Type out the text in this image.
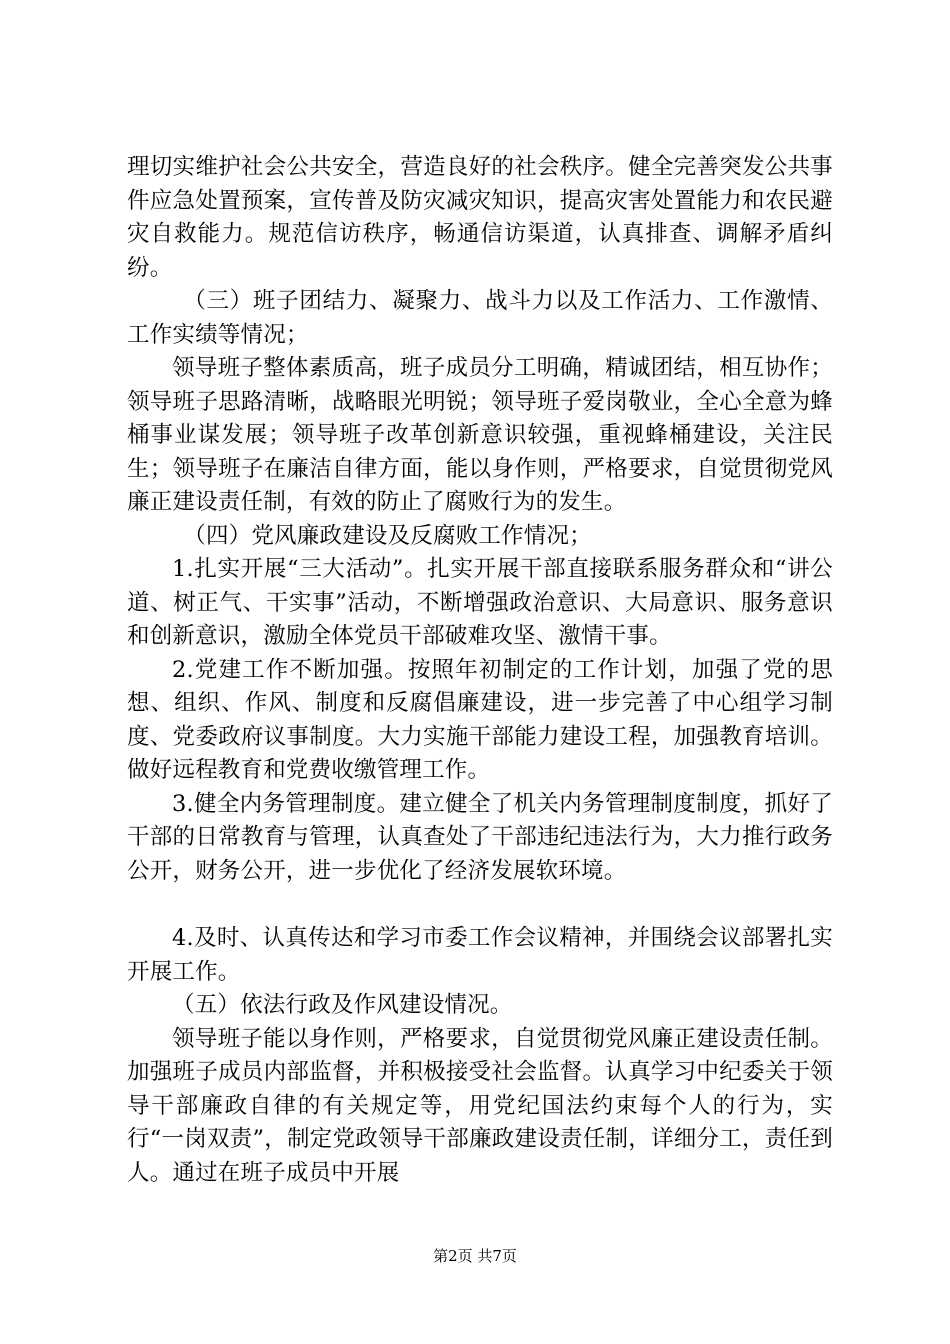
理切实维护社会公共安全，营造良好的社会秩序。健全完善突发公共事件应急处置预案，宣传普及防灾减灾知识，提高灾害处置能力和农民避灾自救能力。规范信访秩序，畅通信访渠道，认真排查、调解矛盾纠纷。

（三）班子团结力、凝聚力、战斗力以及工作活力、工作激情、工作实绩等情况；

领导班子整体素质高，班子成员分工明确，精诚团结，相互协作；领导班子思路清晰，战略眼光明锐；领导班子爱岗敬业，全心全意为蜂桶事业谋发展；领导班子改革创新意识较强，重视蜂桶建设，关注民生；领导班子在廉洁自律方面，能以身作则，严格要求，自觉贯彻党风廉正建设责任制，有效的防止了腐败行为的发生。

（四）党风廉政建设及反腐败工作情况；

1.扎实开展“三大活动”。扎实开展干部直接联系服务群众和“讲公道、树正气、干实事”活动，不断增强政治意识、大局意识、服务意识和创新意识，激励全体党员干部破难攻坚、激情干事。

2.党建工作不断加强。按照年初制定的工作计划，加强了党的思想、组织、作风、制度和反腐倡廉建设，进一步完善了中心组学习制度、党委政府议事制度。大力实施干部能力建设工程，加强教育培训。做好远程教育和党费收缴管理工作。

3.健全内务管理制度。建立健全了机关内务管理制度制度，抓好了干部的日常教育与管理，认真查处了干部违纪违法行为，大力推行政务公开，财务公开，进一步优化了经济发展软环境。

4.及时、认真传达和学习市委工作会议精神，并围绕会议部署扎实开展工作。

（五）依法行政及作风建设情况。

领导班子能以身作则，严格要求，自觉贯彻党风廉正建设责任制。加强班子成员内部监督，并积极接受社会监督。认真学习中纪委关于领导干部廉政自律的有关规定等，用党纪国法约束每个人的行为，实行“一岗双责”，制定党政领导干部廉政建设责任制，详细分工，责任到人。通过在班子成员中开展

第2页 共7页
